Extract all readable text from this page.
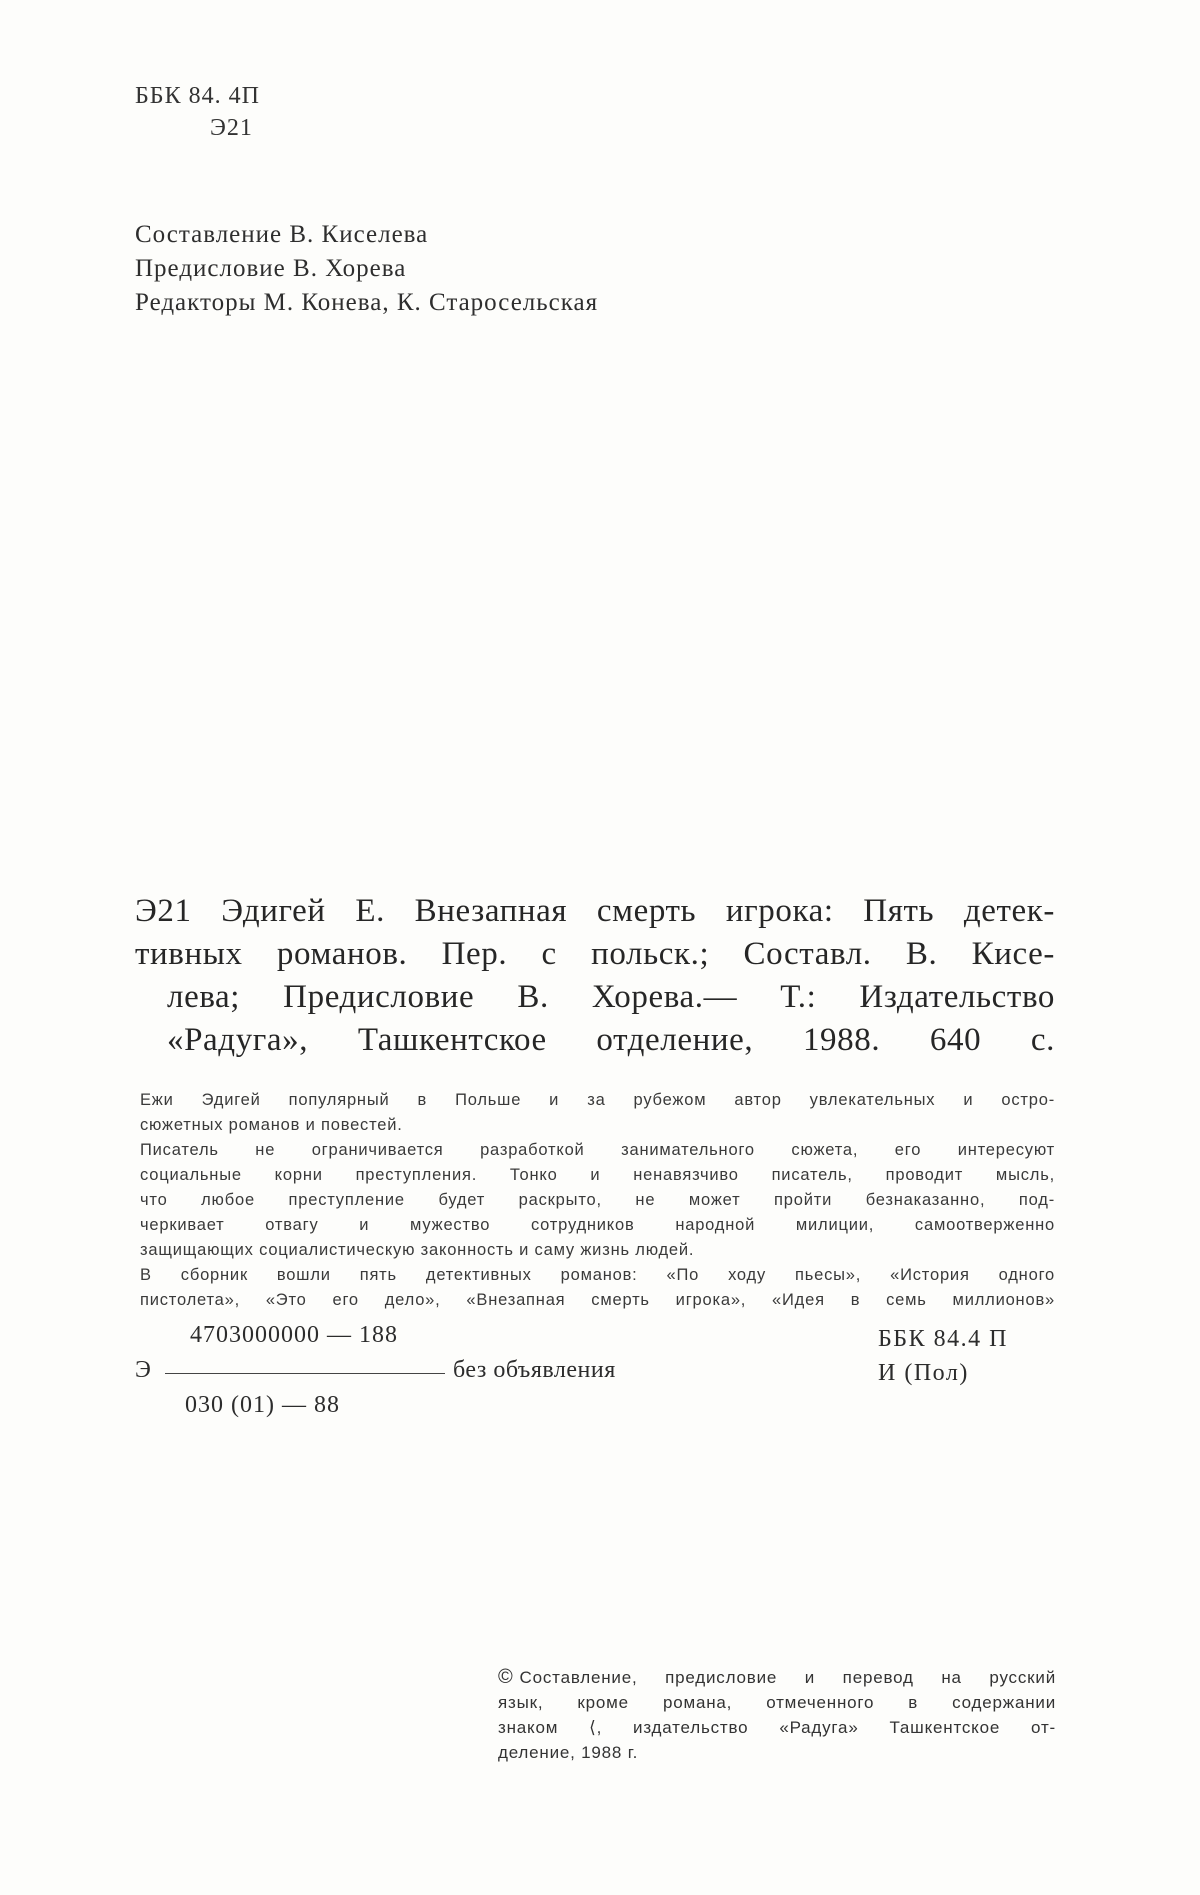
ББК 84. 4П
Э21
Составление В. Киселева
Предисловие В. Хорева
Редакторы М. Конева, К. Старосельская
Э21 Эдигей Е. Внезапная смерть игрока: Пять детек-
тивных романов. Пер. с польск.; Составл. В. Кисе-
лева; Предисловие В. Хорева.— Т.: Издательство
«Радуга», Ташкентское отделение, 1988. 640 с.
Ежи Эдигей популярный в Польше и за рубежом автор увлекательных и остро-
сюжетных романов и повестей.
Писатель не ограничивается разработкой занимательного сюжета, его интересуют
социальные корни преступления. Тонко и ненавязчиво писатель, проводит мысль,
что любое преступление будет раскрыто, не может пройти безнаказанно, под-
черкивает отвагу и мужество сотрудников народной милиции, самоотверженно
защищающих социалистическую законность и саму жизнь людей.
В сборник вошли пять детективных романов: «По ходу пьесы», «История одного
пистолета», «Это его дело», «Внезапная смерть игрока», «Идея в семь миллионов»
4703000000 — 188
Э	без объявления
030 (01) — 88
ББК 84.4 П
И (Пол)
© Составление, предисловие и перевод на русский
язык, кроме романа, отмеченного в содержании
знаком ⟨, издательство «Радуга» Ташкентское от-
деление, 1988 г.
